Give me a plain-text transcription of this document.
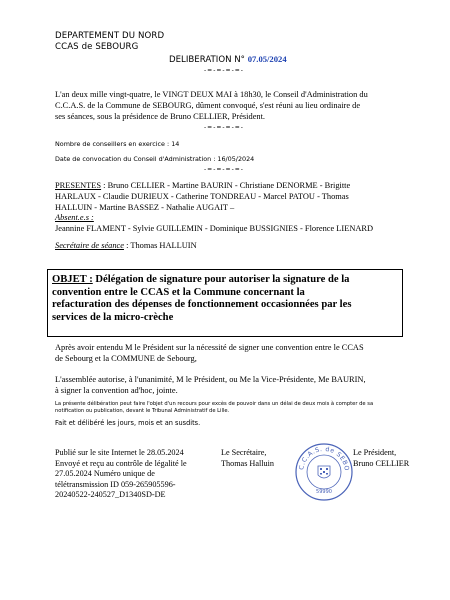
DEPARTEMENT DU NORD
CCAS de SEBOURG
DELIBERATION N° 07.05/2024
-=-=-=-=-
L'an deux mille vingt-quatre, le VINGT DEUX MAI à 18h30, le Conseil d'Administration du
C.C.A.S. de la Commune de SEBOURG, dûment convoqué, s'est réuni au lieu ordinaire de
ses séances, sous la présidence de Bruno CELLIER, Président.
-=-=-=-=-
Nombre de conseillers en exercice : 14
Date de convocation du Conseil d'Administration : 16/05/2024
-=-=-=-=-
PRESENTES : Bruno CELLIER - Martine BAURIN - Christiane DENORME - Brigitte
HARLAUX - Claudie DURIEUX - Catherine TONDREAU - Marcel PATOU - Thomas
HALLUIN - Martine BASSEZ - Nathalie AUGAIT –
Absent.e.s :
Jeannine FLAMENT - Sylvie GUILLEMIN - Dominique BUSSIGNIES - Florence LIENARD
Secrétaire de séance : Thomas HALLUIN
OBJET : Délégation de signature pour autoriser la signature de la
convention entre le CCAS et la Commune concernant la
refacturation des dépenses de fonctionnement occasionnées par les
services de la micro-crèche
Après avoir entendu M le Président sur la nécessité de signer une convention entre le CCAS
de Sebourg et la COMMUNE de Sebourg,
L'assemblée autorise, à l'unanimité, M le Président, ou Me la Vice-Présidente, Me BAURIN,
à signer la convention ad'hoc, jointe.
La présente délibération peut faire l'objet d'un recours pour excès de pouvoir dans un délai de deux mois à compter de sa
notification ou publication, devant le Tribunal Administratif de Lille.
Fait et délibéré les jours, mois et an susdits.
Publié sur le site Internet le 28.05.2024
Envoyé et reçu au contrôle de légalité le
27.05.2024 Numéro unique de
télétransmission ID 059-265905596-
20240522-240527_D1340SD-DE
Le Secrétaire,
Thomas Halluin	C.C.A.S. de SEBO
59990
Le Président,
Bruno CELLIER
